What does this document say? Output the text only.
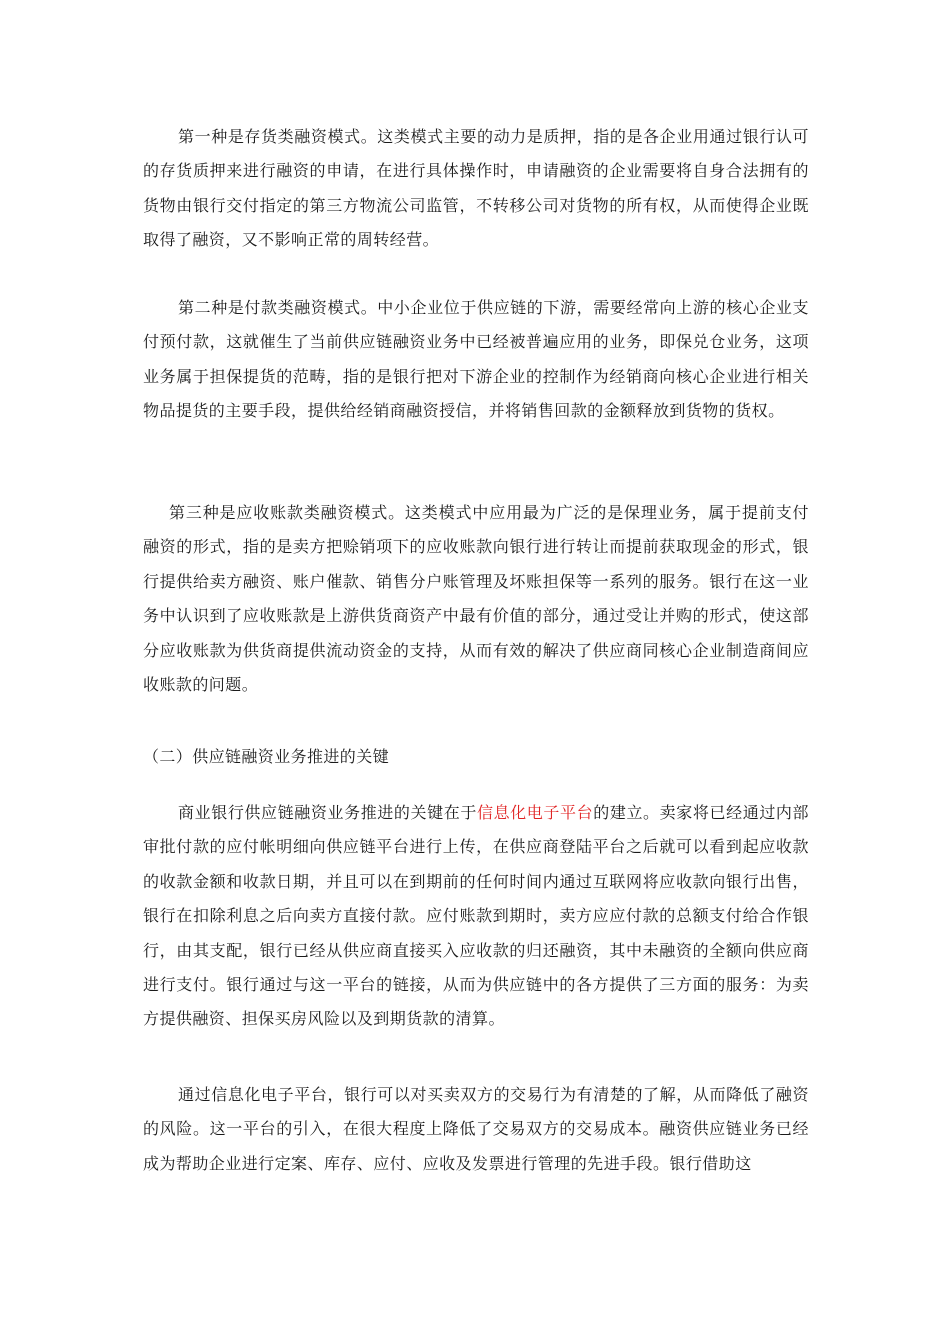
第一种是存货类融资模式。这类模式主要的动力是质押，指的是各企业用通过银行认可的存货质押来进行融资的申请，在进行具体操作时，申请融资的企业需要将自身合法拥有的货物由银行交付指定的第三方物流公司监管，不转移公司对货物的所有权，从而使得企业既取得了融资，又不影响正常的周转经营。

第二种是付款类融资模式。中小企业位于供应链的下游，需要经常向上游的核心企业支付预付款，这就催生了当前供应链融资业务中已经被普遍应用的业务，即保兑仓业务，这项业务属于担保提货的范畴，指的是银行把对下游企业的控制作为经销商向核心企业进行相关物品提货的主要手段，提供给经销商融资授信，并将销售回款的金额释放到货物的货权。

第三种是应收账款类融资模式。这类模式中应用最为广泛的是保理业务，属于提前支付融资的形式，指的是卖方把赊销项下的应收账款向银行进行转让而提前获取现金的形式，银行提供给卖方融资、账户催款、销售分户账管理及坏账担保等一系列的服务。银行在这一业务中认识到了应收账款是上游供货商资产中最有价值的部分，通过受让并购的形式，使这部分应收账款为供货商提供流动资金的支持，从而有效的解决了供应商同核心企业制造商间应收账款的问题。

（二）供应链融资业务推进的关键

商业银行供应链融资业务推进的关键在于信息化电子平台的建立。卖家将已经通过内部审批付款的应付帐明细向供应链平台进行上传，在供应商登陆平台之后就可以看到起应收款的收款金额和收款日期，并且可以在到期前的任何时间内通过互联网将应收款向银行出售，银行在扣除利息之后向卖方直接付款。应付账款到期时，卖方应应付款的总额支付给合作银行，由其支配，银行已经从供应商直接买入应收款的归还融资，其中未融资的全额向供应商进行支付。银行通过与这一平台的链接，从而为供应链中的各方提供了三方面的服务：为卖方提供融资、担保买房风险以及到期货款的清算。

通过信息化电子平台，银行可以对买卖双方的交易行为有清楚的了解，从而降低了融资的风险。这一平台的引入，在很大程度上降低了交易双方的交易成本。融资供应链业务已经成为帮助企业进行定案、库存、应付、应收及发票进行管理的先进手段。银行借助这
